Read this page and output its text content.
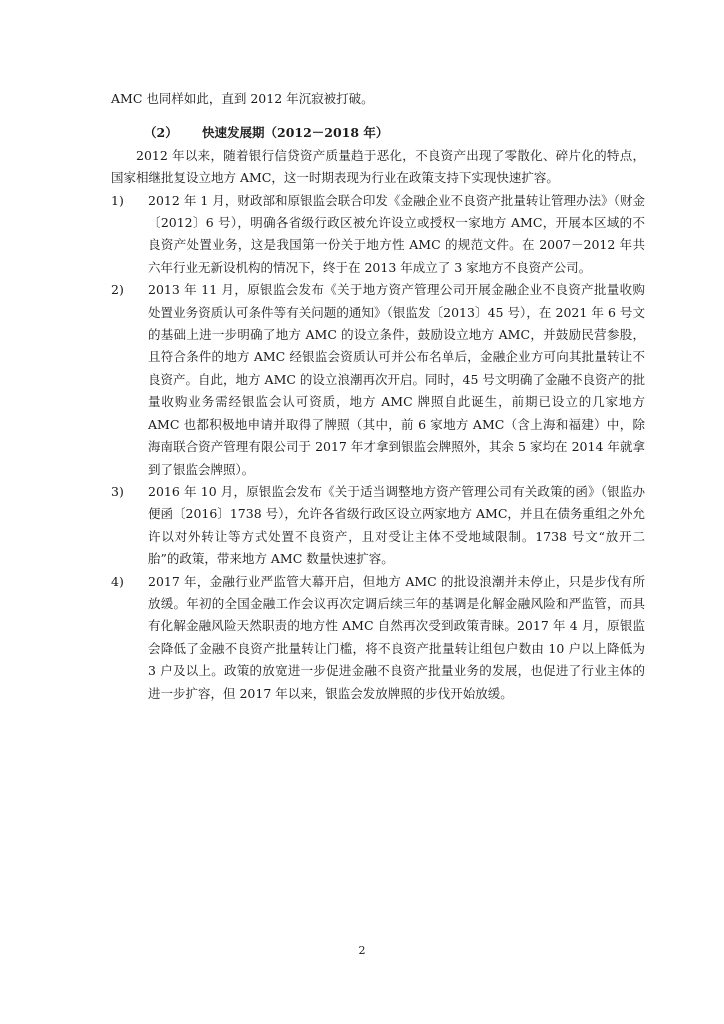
AMC 也同样如此，直到 2012 年沉寂被打破。

（2） 快速发展期（2012－2018 年）

2012 年以来，随着银行信贷资产质量趋于恶化，不良资产出现了零散化、碎片化的特点，国家相继批复设立地方 AMC，这一时期表现为行业在政策支持下实现快速扩容。

1) 2012 年 1 月，财政部和原银监会联合印发《金融企业不良资产批量转让管理办法》（财金〔2012〕6 号），明确各省级行政区被允许设立或授权一家地方 AMC，开展本区域的不良资产处置业务，这是我国第一份关于地方性 AMC 的规范文件。在 2007－2012 年共六年行业无新设机构的情况下，终于在 2013 年成立了 3 家地方不良资产公司。

2) 2013 年 11 月，原银监会发布《关于地方资产管理公司开展金融企业不良资产批量收购处置业务资质认可条件等有关问题的通知》（银监发〔2013〕45 号），在 2021 年 6 号文的基础上进一步明确了地方 AMC 的设立条件，鼓励设立地方 AMC，并鼓励民营参股，且符合条件的地方 AMC 经银监会资质认可并公布名单后，金融企业方可向其批量转让不良资产。自此，地方 AMC 的设立浪潮再次开启。同时，45 号文明确了金融不良资产的批量收购业务需经银监会认可资质，地方 AMC 牌照自此诞生，前期已设立的几家地方 AMC 也都积极地申请并取得了牌照（其中，前 6 家地方 AMC（含上海和福建）中，除海南联合资产管理有限公司于 2017 年才拿到银监会牌照外，其余 5 家均在 2014 年就拿到了银监会牌照）。

3) 2016 年 10 月，原银监会发布《关于适当调整地方资产管理公司有关政策的函》（银监办便函〔2016〕1738 号），允许各省级行政区设立两家地方 AMC，并且在债务重组之外允许以对外转让等方式处置不良资产，且对受让主体不受地域限制。1738 号文“放开二胎”的政策，带来地方 AMC 数量快速扩容。

4) 2017 年，金融行业严监管大幕开启，但地方 AMC 的批设浪潮并未停止，只是步伐有所放缓。年初的全国金融工作会议再次定调后续三年的基调是化解金融风险和严监管，而具有化解金融风险天然职责的地方性 AMC 自然再次受到政策青睐。2017 年 4 月，原银监会降低了金融不良资产批量转让门槛，将不良资产批量转让组包户数由 10 户以上降低为 3 户及以上。政策的放宽进一步促进金融不良资产批量业务的发展，也促进了行业主体的进一步扩容，但 2017 年以来，银监会发放牌照的步伐开始放缓。

2
